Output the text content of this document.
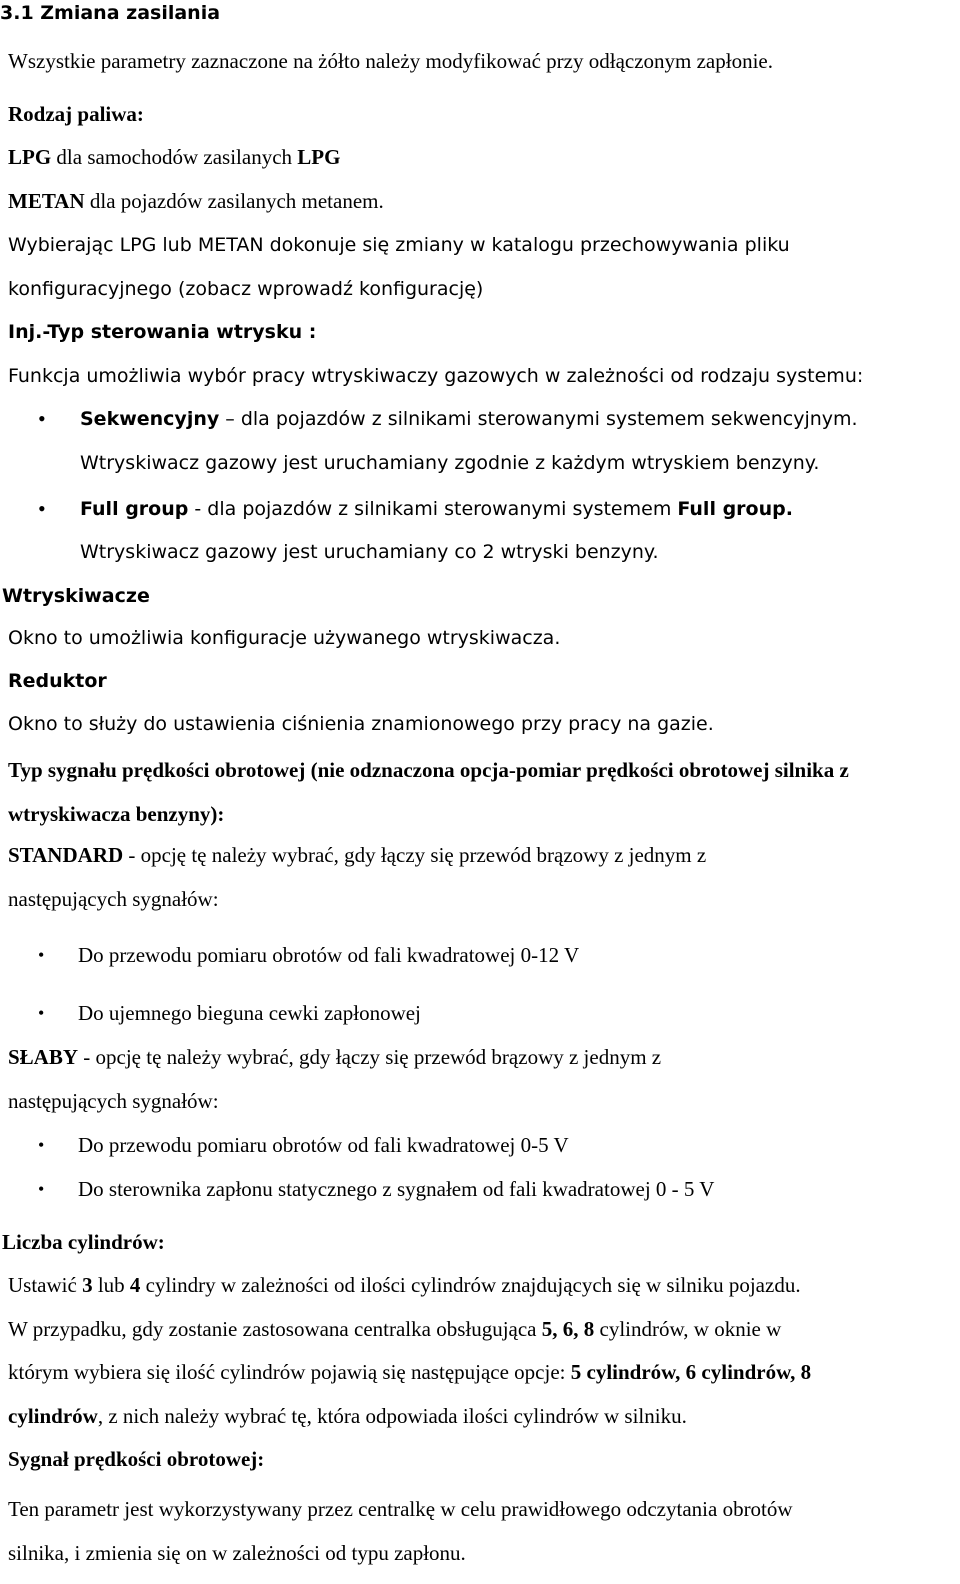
3.1 Zmiana zasilania
Wszystkie parametry zaznaczone na żółto należy modyfikować przy odłączonym zapłonie.
Rodzaj paliwa:
LPG dla samochodów zasilanych LPG
METAN dla pojazdów zasilanych metanem.
Wybierając LPG lub METAN dokonuje się zmiany w katalogu przechowywania pliku
konfiguracyjnego (zobacz wprowadź konfigurację)
Inj.-Typ sterowania wtrysku :
Funkcja umożliwia wybór pracy wtryskiwaczy gazowych w zależności od rodzaju systemu:
• Sekwencyjny – dla pojazdów z silnikami sterowanymi systemem sekwencyjnym.
Wtryskiwacz gazowy jest uruchamiany zgodnie z każdym wtryskiem benzyny.
• Full group - dla pojazdów z silnikami sterowanymi systemem Full group.
Wtryskiwacz gazowy jest uruchamiany co 2 wtryski benzyny.
Wtryskiwacze
Okno to umożliwia konfiguracje używanego wtryskiwacza.
Reduktor
Okno to służy do ustawienia ciśnienia znamionowego przy pracy na gazie.
Typ sygnału prędkości obrotowej (nie odznaczona opcja-pomiar prędkości obrotowej silnika z
wtryskiwacza benzyny):
STANDARD - opcję tę należy wybrać, gdy łączy się przewód brązowy z jednym z
następujących sygnałów:
• Do przewodu pomiaru obrotów od fali kwadratowej 0-12 V
• Do ujemnego bieguna cewki zapłonowej
SŁABY - opcję tę należy wybrać, gdy łączy się przewód brązowy z jednym z
następujących sygnałów:
• Do przewodu pomiaru obrotów od fali kwadratowej 0-5 V
• Do sterownika zapłonu statycznego z sygnałem od fali kwadratowej 0 - 5 V
Liczba cylindrów:
Ustawić 3 lub 4 cylindry w zależności od ilości cylindrów znajdujących się w silniku pojazdu.
W przypadku, gdy zostanie zastosowana centralka obsługująca 5, 6, 8 cylindrów, w oknie w
którym wybiera się ilość cylindrów pojawią się następujące opcje: 5 cylindrów, 6 cylindrów, 8
cylindrów, z nich należy wybrać tę, która odpowiada ilości cylindrów w silniku.
Sygnał prędkości obrotowej:
Ten parametr jest wykorzystywany przez centralkę w celu prawidłowego odczytania obrotów
silnika, i zmienia się on w zależności od typu zapłonu.
